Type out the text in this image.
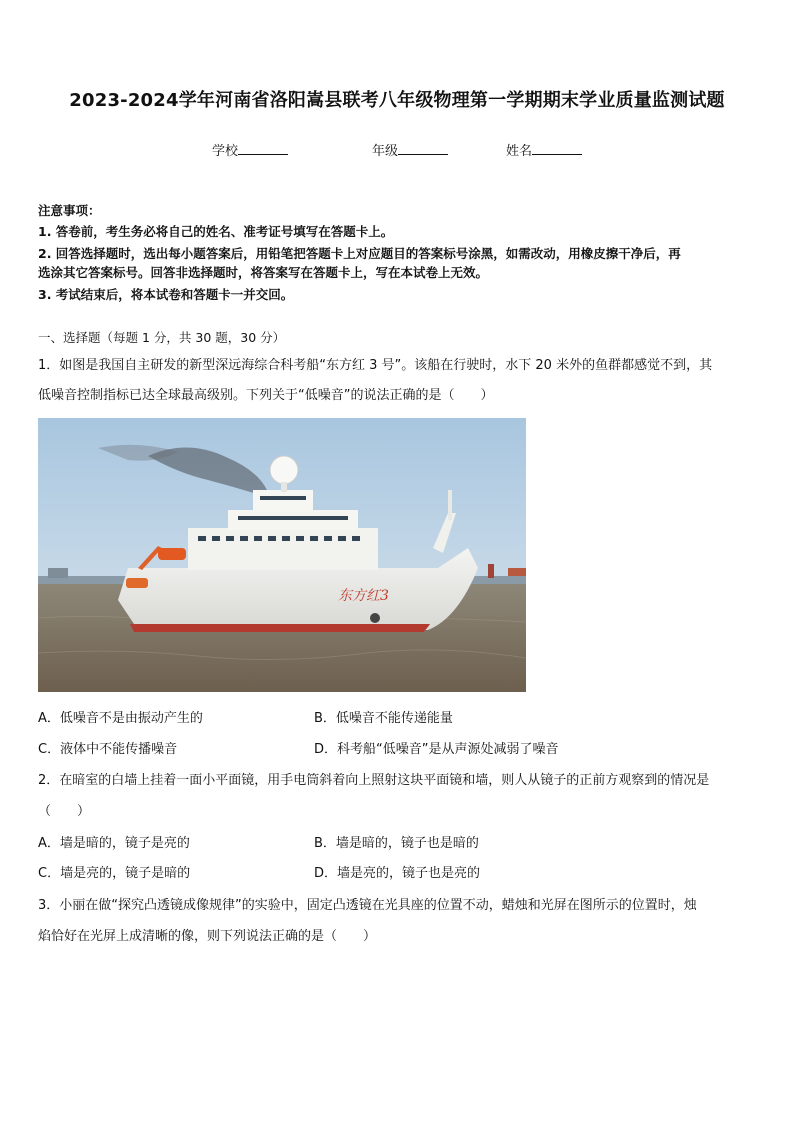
2023-2024学年河南省洛阳嵩县联考八年级物理第一学期期末学业质量监测试题
学校	年级	姓名
注意事项：
1. 答卷前，考生务必将自己的姓名、准考证号填写在答题卡上。
2. 回答选择题时，选出每小题答案后，用铅笔把答题卡上对应题目的答案标号涂黑，如需改动，用橡皮擦干净后，再
选涂其它答案标号。回答非选择题时，将答案写在答题卡上，写在本试卷上无效。
3. 考试结束后，将本试卷和答题卡一并交回。
一、选择题（每题 1 分，共 30 题，30 分）
1．如图是我国自主研发的新型深远海综合科考船“东方红 3 号”。该船在行驶时，水下 20 米外的鱼群都感觉不到，其
低噪音控制指标已达全球最高级别。下列关于“低噪音”的说法正确的是（　　）
东方红3
A．低噪音不是由振动产生的	B．低噪音不能传递能量
C．液体中不能传播噪音	D．科考船“低噪音”是从声源处减弱了噪音
2．在暗室的白墙上挂着一面小平面镜，用手电筒斜着向上照射这块平面镜和墙，则人从镜子的正前方观察到的情况是
（　　）
A．墙是暗的，镜子是亮的	B．墙是暗的，镜子也是暗的
C．墙是亮的，镜子是暗的	D．墙是亮的，镜子也是亮的
3．小丽在做“探究凸透镜成像规律”的实验中，固定凸透镜在光具座的位置不动，蜡烛和光屏在图所示的位置时，烛
焰恰好在光屏上成清晰的像，则下列说法正确的是（　　）
